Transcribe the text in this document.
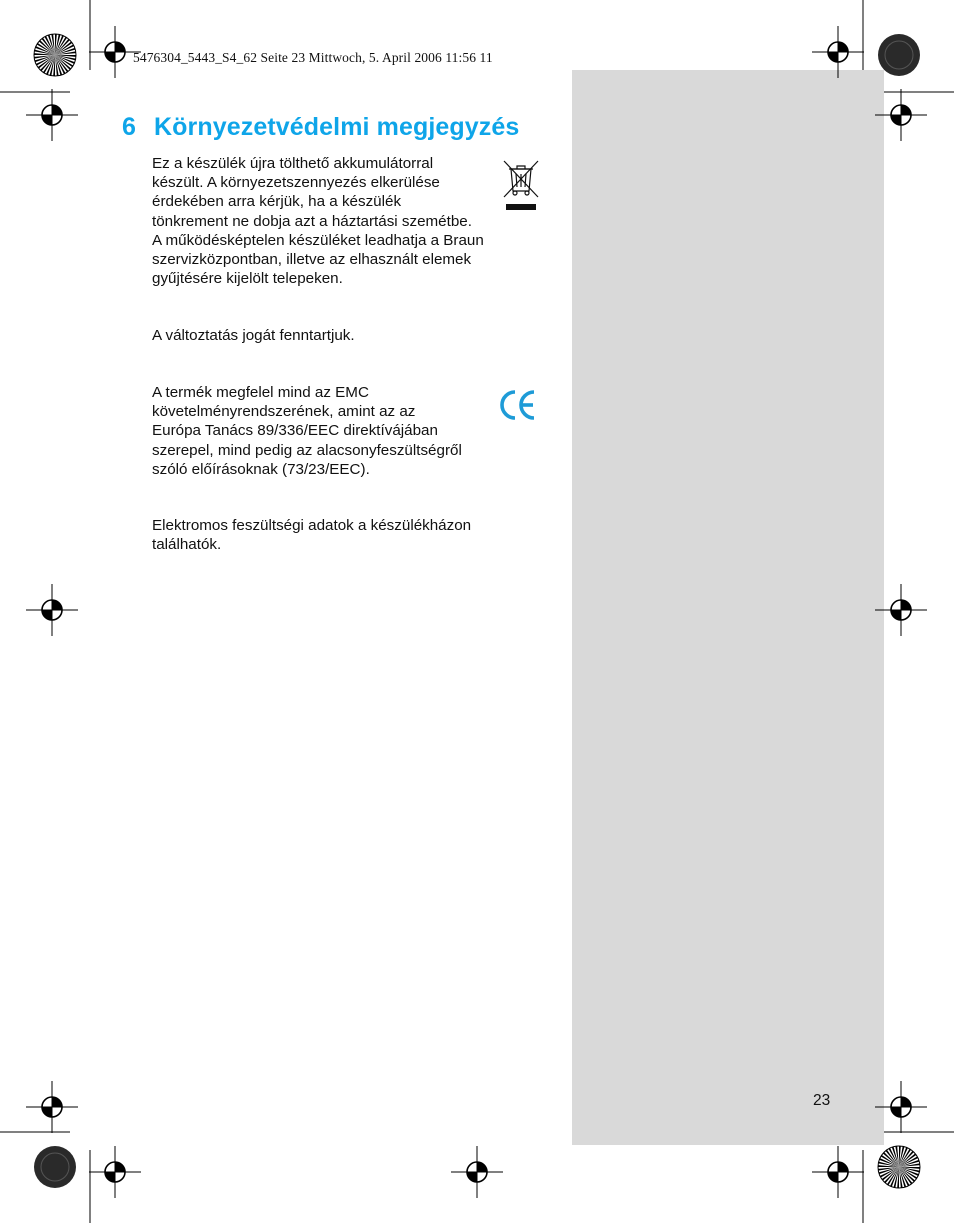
5476304_5443_S4_62 Seite 23 Mittwoch, 5. April 2006 11:56 11
6 Környezetvédelmi megjegyzés

Ez a készülék újra tölthető akkumulátorral
készült. A környezetszennyezés elkerülése
érdekében arra kérjük, ha a készülék
tönkrement ne dobja azt a háztartási szemétbe.
A működésképtelen készüléket leadhatja a Braun
szervizközpontban, illetve az elhasznált elemek
gyűjtésére kijelölt telepeken.

A változtatás jogát fenntartjuk.

A termék megfelel mind az EMC
követelményrendszerének, amint az az
Európa Tanács 89/336/EEC direktívájában
szerepel, mind pedig az alacsonyfeszültségről
szóló előírásoknak (73/23/EEC).

Elektromos feszültségi adatok a készülékházon
találhatók.

23
